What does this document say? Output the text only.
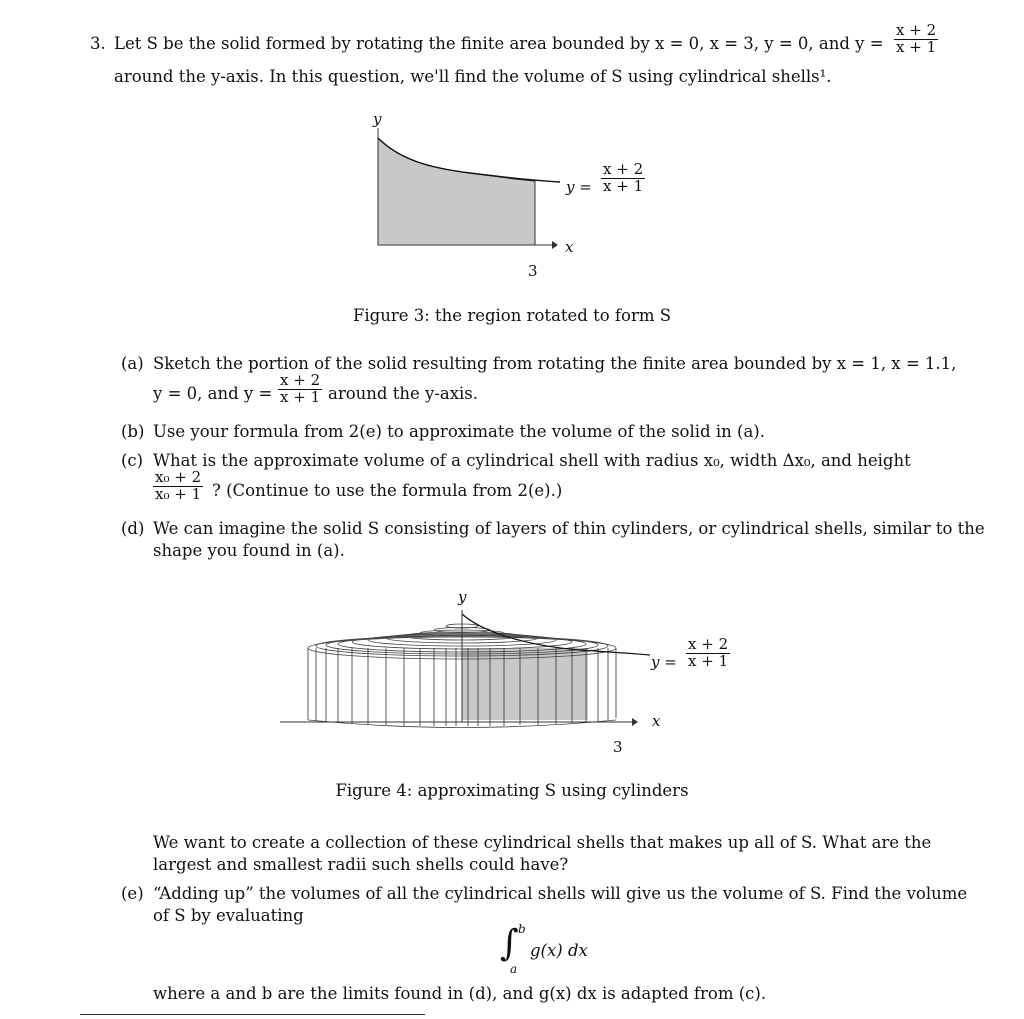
3. Let S be the solid formed by rotating the finite area bounded by x = 0, x = 3, y = 0, and $y = \frac{x + 2}{x + 1}$
around the y-axis. In this question, we'll find the volume of S using cylindrical shells¹.
y
x
3
$y = \frac{x + 2}{x + 1}$
Figure 3: the region rotated to form S
(a) Sketch the portion of the solid resulting from rotating the finite area bounded by x = 1, x = 1.1,
y = 0, and $y = \frac{x + 2}{x + 1}$ around the y-axis.
(b) Use your formula from 2(e) to approximate the volume of the solid in (a).
(c) What is the approximate volume of a cylindrical shell with radius x₀, width Δx₀, and height
$\frac{\text{x₀ + 2}}{\text{x₀ + 1}}$ ? (Continue to use the formula from 2(e).)
(d) We can imagine the solid S consisting of layers of thin cylinders, or cylindrical shells, similar to the
shape you found in (a).
y
x
3
$y = \frac{x + 2}{x + 1}$
Figure 4: approximating S using cylinders
We want to create a collection of these cylindrical shells that makes up all of S. What are the
largest and smallest radii such shells could have?
(e) “Adding up” the volumes of all the cylindrical shells will give us the volume of S. Find the volume
of S by evaluating
∫ b
a
g(x) dx
where a and b are the limits found in (d), and g(x) dx is adapted from (c).
